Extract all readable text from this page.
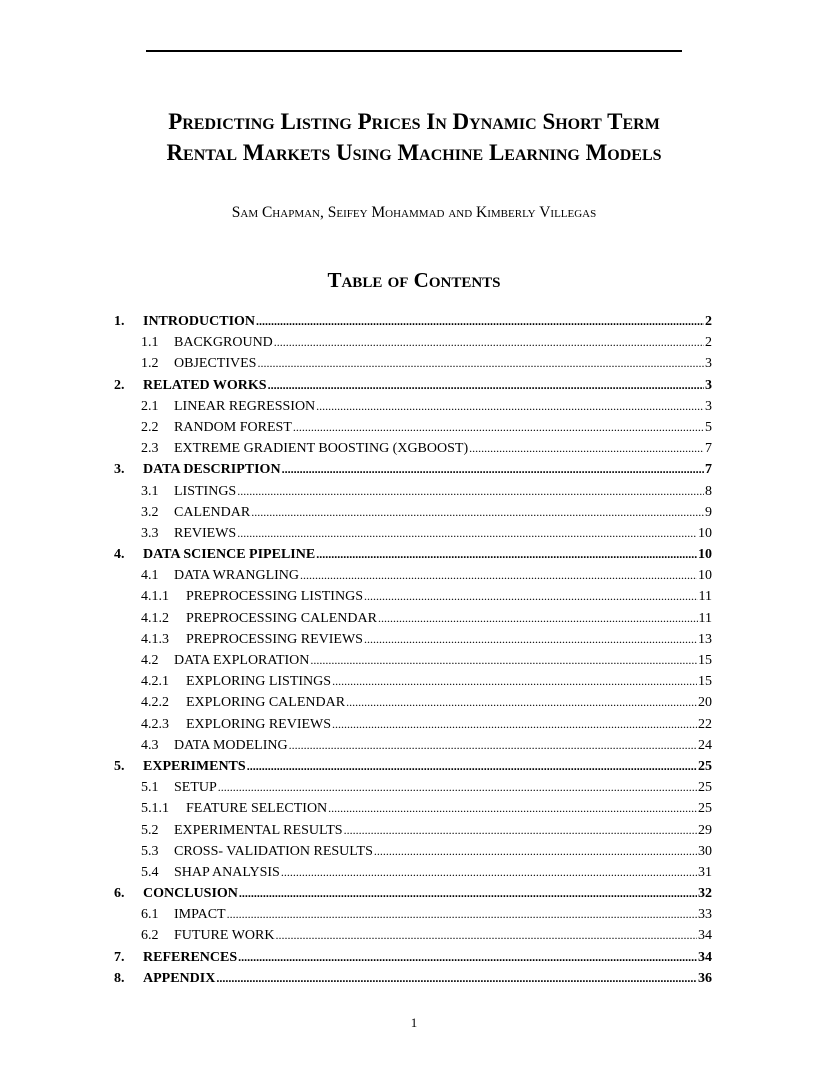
Predicting Listing Prices In Dynamic Short Term
Rental Markets Using Machine Learning Models

Sam Chapman, Seifey Mohammad and Kimberly Villegas

Table of Contents
1.	INTRODUCTION .....	2
1.1	BACKGROUND .....	2
1.2	OBJECTIVES .....	3
2.	RELATED WORKS .....	3
2.1	LINEAR REGRESSION .....	3
2.2	RANDOM FOREST .....	5
2.3	EXTREME GRADIENT BOOSTING (XGBOOST) .....	7
3.	DATA DESCRIPTION .....	7
3.1	LISTINGS .....	8
3.2	CALENDAR .....	9
3.3	REVIEWS .....	10
4.	DATA SCIENCE PIPELINE .....	10
4.1	DATA WRANGLING .....	10
4.1.1	PREPROCESSING LISTINGS .....	11
4.1.2	PREPROCESSING CALENDAR .....	11
4.1.3	PREPROCESSING REVIEWS .....	13
4.2	DATA EXPLORATION .....	15
4.2.1	EXPLORING LISTINGS .....	15
4.2.2	EXPLORING CALENDAR .....	20
4.2.3	EXPLORING REVIEWS .....	22
4.3	DATA MODELING .....	24
5.	EXPERIMENTS .....	25
5.1	SETUP .....	25
5.1.1	FEATURE SELECTION .....	25
5.2	EXPERIMENTAL RESULTS .....	29
5.3	CROSS- VALIDATION RESULTS .....	30
5.4	SHAP ANALYSIS .....	31
6.	CONCLUSION .....	32
6.1	IMPACT .....	33
6.2	FUTURE WORK .....	34
7.	REFERENCES .....	34
8.	APPENDIX .....	36

1
